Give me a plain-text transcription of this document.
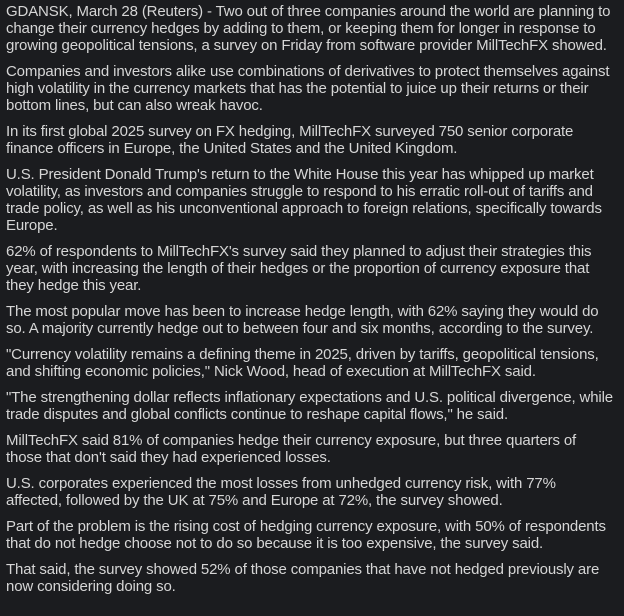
GDANSK, March 28 (Reuters) - Two out of three companies around the world are planning to change their currency hedges by adding to them, or keeping them for longer in response to growing geopolitical tensions, a survey on Friday from software provider MillTechFX showed.

Companies and investors alike use combinations of derivatives to protect themselves against high volatility in the currency markets that has the potential to juice up their returns or their bottom lines, but can also wreak havoc.

In its first global 2025 survey on FX hedging, MillTechFX surveyed 750 senior corporate finance officers in Europe, the United States and the United Kingdom.

U.S. President Donald Trump's return to the White House this year has whipped up market volatility, as investors and companies struggle to respond to his erratic roll-out of tariffs and trade policy, as well as his unconventional approach to foreign relations, specifically towards Europe.

62% of respondents to MillTechFX's survey said they planned to adjust their strategies this year, with increasing the length of their hedges or the proportion of currency exposure that they hedge this year.

The most popular move has been to increase hedge length, with 62% saying they would do so. A majority currently hedge out to between four and six months, according to the survey.

"Currency volatility remains a defining theme in 2025, driven by tariffs, geopolitical tensions, and shifting economic policies," Nick Wood, head of execution at MillTechFX said.

"The strengthening dollar reflects inflationary expectations and U.S. political divergence, while trade disputes and global conflicts continue to reshape capital flows," he said.

MillTechFX said 81% of companies hedge their currency exposure, but three quarters of those that don't said they had experienced losses.

U.S. corporates experienced the most losses from unhedged currency risk, with 77% affected, followed by the UK at 75% and Europe at 72%, the survey showed.

Part of the problem is the rising cost of hedging currency exposure, with 50% of respondents that do not hedge choose not to do so because it is too expensive, the survey said.

That said, the survey showed 52% of those companies that have not hedged previously are now considering doing so.
